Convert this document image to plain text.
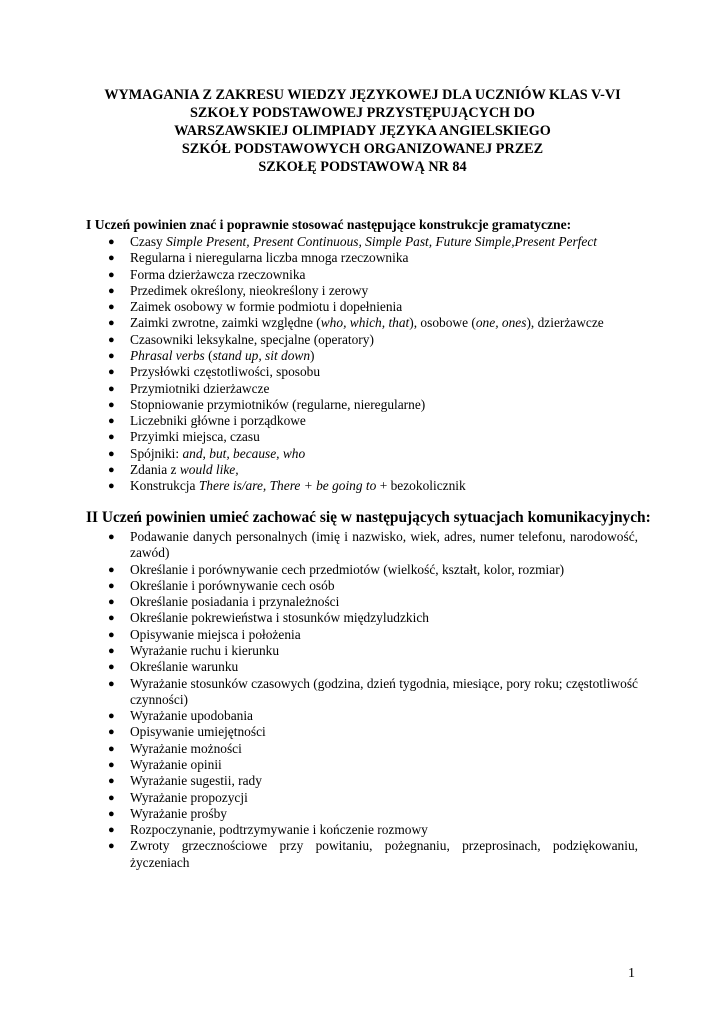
WYMAGANIA Z ZAKRESU WIEDZY JĘZYKOWEJ DLA UCZNIÓW KLAS V-VI
SZKOŁY PODSTAWOWEJ PRZYSTĘPUJĄCYCH DO
WARSZAWSKIEJ OLIMPIADY JĘZYKA ANGIELSKIEGO
SZKÓŁ PODSTAWOWYCH ORGANIZOWANEJ PRZEZ
SZKOŁĘ PODSTAWOWĄ NR 84
I Uczeń powinien znać i poprawnie stosować następujące konstrukcje gramatyczne:
●	Czasy Simple Present, Present Continuous, Simple Past, Future Simple,Present Perfect
●	Regularna i nieregularna liczba mnoga rzeczownika
●	Forma dzierżawcza rzeczownika
●	Przedimek określony, nieokreślony i zerowy
●	Zaimek osobowy w formie podmiotu i dopełnienia
●	Zaimki zwrotne, zaimki względne (who, which, that), osobowe (one, ones), dzierżawcze
●	Czasowniki leksykalne, specjalne (operatory)
●	Phrasal verbs (stand up, sit down)
●	Przysłówki częstotliwości, sposobu
●	Przymiotniki dzierżawcze
●	Stopniowanie przymiotników (regularne, nieregularne)
●	Liczebniki główne i porządkowe
●	Przyimki miejsca, czasu
●	Spójniki: and, but, because, who
●	Zdania z would like,
●	Konstrukcja There is/are, There + be going to + bezokolicznik
II Uczeń powinien umieć zachować się w następujących sytuacjach komunikacyjnych:
●	Podawanie danych personalnych (imię i nazwisko, wiek, adres, numer telefonu, narodowość, zawód)
●	Określanie i porównywanie cech przedmiotów (wielkość, kształt, kolor, rozmiar)
●	Określanie i porównywanie cech osób
●	Określanie posiadania i przynależności
●	Określanie pokrewieństwa i stosunków międzyludzkich
●	Opisywanie miejsca i położenia
●	Wyrażanie ruchu i kierunku
●	Określanie warunku
●	Wyrażanie stosunków czasowych (godzina, dzień tygodnia, miesiące, pory roku; częstotliwość czynności)
●	Wyrażanie upodobania
●	Opisywanie umiejętności
●	Wyrażanie możności
●	Wyrażanie opinii
●	Wyrażanie sugestii, rady
●	Wyrażanie propozycji
●	Wyrażanie prośby
●	Rozpoczynanie, podtrzymywanie i kończenie rozmowy
●	Zwroty grzecznościowe przy powitaniu, pożegnaniu, przeprosinach, podziękowaniu, życzeniach
1
